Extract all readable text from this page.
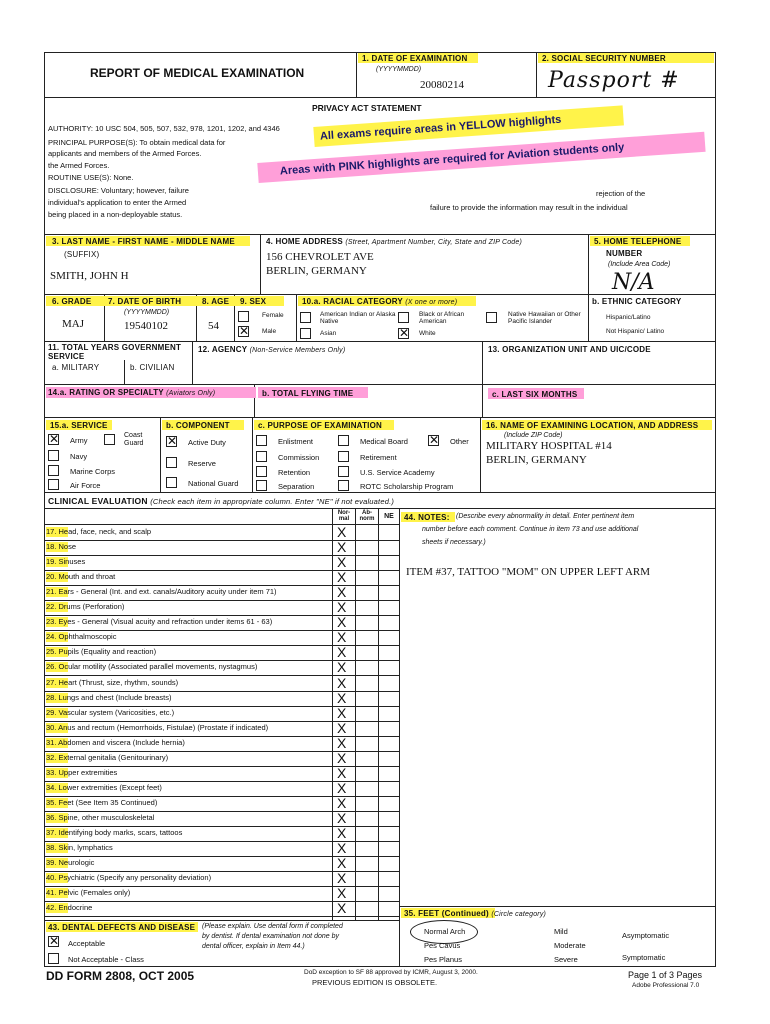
REPORT OF MEDICAL EXAMINATION
1. DATE OF EXAMINATION
(YYYYMMDD)
20080214
2. SOCIAL SECURITY NUMBER
Passport #
PRIVACY ACT STATEMENT
AUTHORITY: 10 USC 504, 505, 507, 532, 978, 1201, 1202, and 4346
PRINCIPAL PURPOSE(S): To obtain medical data for
applicants and members of the Armed Forces.
the Armed Forces.
ROUTINE USE(S): None.
DISCLOSURE: Voluntary; however, failure
individual's application to enter the Armed
being placed in a non-deployable status.
rejection of the
failure to provide the information may result in the individual
All exams require areas in YELLOW highlights
Areas with PINK highlights are required for Aviation students only
3. LAST NAME - FIRST NAME - MIDDLE NAME
(SUFFIX)
SMITH, JOHN H
4. HOME ADDRESS (Street, Apartment Number, City, State and ZIP Code)
156 CHEVROLET AVE
BERLIN, GERMANY
5. HOME TELEPHONE
NUMBER
(Include Area Code)
N/A
6. GRADE
MAJ
7. DATE OF BIRTH
(YYYYMMDD)
19540102
8. AGE
54
9. SEX
Female
✕ Male
10.a. RACIAL CATEGORY (X one or more)
American Indian or Alaska Native
Asian
Black or African American
✕ White
Native Hawaiian or Other Pacific Islander
b. ETHNIC CATEGORY
Hispanic/Latino
Not Hispanic/ Latino
11. TOTAL YEARS GOVERNMENT SERVICE
a. MILITARY	b. CIVILIAN
12. AGENCY (Non-Service Members Only)	13. ORGANIZATION UNIT AND UIC/CODE
14.a. RATING OR SPECIALTY (Aviators Only)	b. TOTAL FLYING TIME	c. LAST SIX MONTHS
15.a. SERVICE
✕ Army
Coast Guard
Navy
Marine Corps
Air Force
b. COMPONENT
✕ Active Duty
Reserve
National Guard
c. PURPOSE OF EXAMINATION
Enlistment
Commission
Retention
Separation
Medical Board
Retirement
U.S. Service Academy
ROTC Scholarship Program
✕ Other
16. NAME OF EXAMINING LOCATION, AND ADDRESS
(Include ZIP Code)
MILITARY HOSPITAL #14
BERLIN, GERMANY
CLINICAL EVALUATION (Check each item in appropriate column. Enter "NE" if not evaluated.)
Nor-mal
Ab-norm	NE
17. Head, face, neck, and scalp	X
18. Nose	X
19. Sinuses	X
20. Mouth and throat	X
21. Ears - General (Int. and ext. canals/Auditory acuity under item 71)	X
22. Drums (Perforation)	X
23. Eyes - General (Visual acuity and refraction under items 61 - 63)	X
24. Ophthalmoscopic	X
25. Pupils (Equality and reaction)	X
26. Ocular motility (Associated parallel movements, nystagmus)	X
27. Heart (Thrust, size, rhythm, sounds)	X
28. Lungs and chest (Include breasts)	X
29. Vascular system (Varicosities, etc.)	X
30. Anus and rectum (Hemorrhoids, Fistulae) (Prostate if indicated)	X
31. Abdomen and viscera (Include hernia)	X
32. External genitalia (Genitourinary)	X
33. Upper extremities	X
34. Lower extremities (Except feet)	X
35. Feet (See Item 35 Continued)	X
36. Spine, other musculoskeletal	X
37. Identifying body marks, scars, tattoos	X
38. Skin, lymphatics	X
39. Neurologic	X
40. Psychiatric (Specify any personality deviation)	X
41. Pelvic (Females only)	X
42. Endocrine	X
44. NOTES: (Describe every abnormality in detail. Enter pertinent item
number before each comment. Continue in item 73 and use additional
sheets if necessary.)
ITEM #37, TATTOO "MOM" ON UPPER LEFT ARM
35. FEET (Continued) (Circle category)
Normal Arch
Pes Cavus
Pes Planus
Mild
Moderate
Severe
Asymptomatic
Symptomatic
43. DENTAL DEFECTS AND DISEASE (Please explain. Use dental form if completed
by dentist. If dental examination not done by
dental officer, explain in Item 44.)
✕ Acceptable
Not Acceptable - Class
DD FORM 2808, OCT 2005	DoD exception to SF 88 approved by ICMR, August 3, 2000.
PREVIOUS EDITION IS OBSOLETE.
Page 1 of 3 Pages
Adobe Professional 7.0
